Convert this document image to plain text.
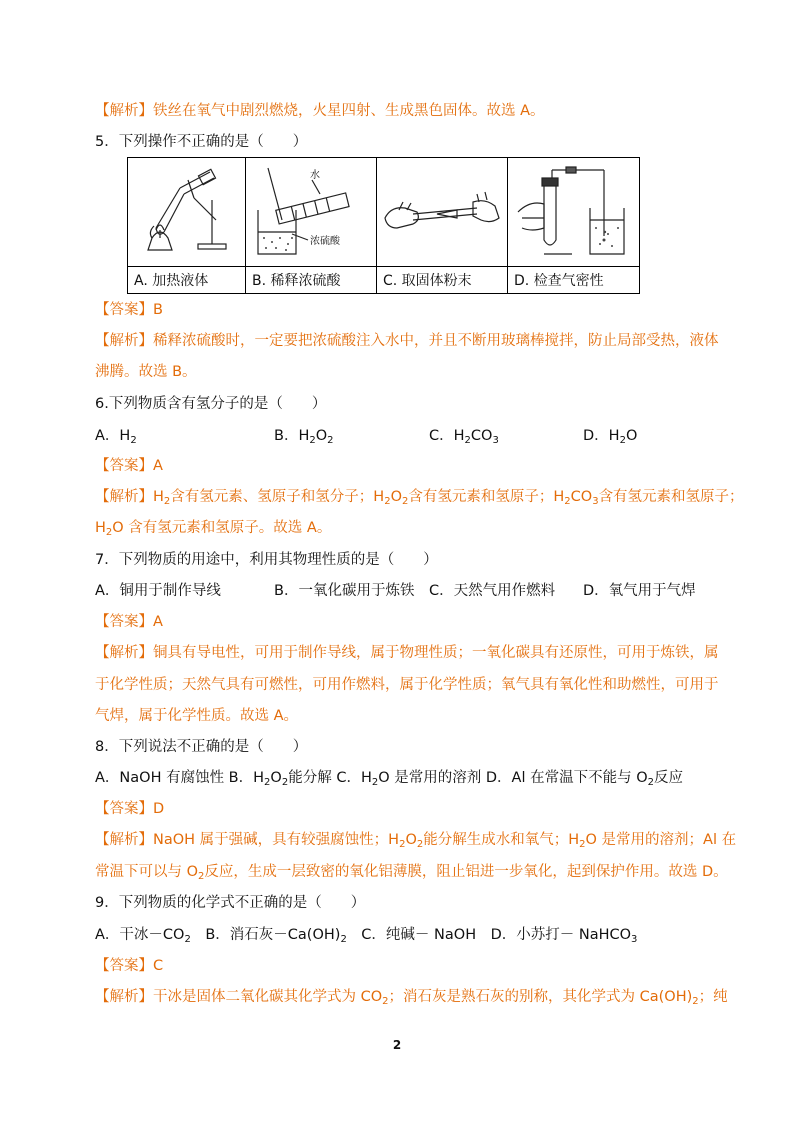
【解析】铁丝在氧气中剧烈燃烧，火星四射、生成黑色固体。故选 A。
5．下列操作不正确的是（　　）

水
浓硫酸

A. 加热液体	B. 稀释浓硫酸	C. 取固体粉末	D. 检查气密性
【答案】B
【解析】稀释浓硫酸时，一定要把浓硫酸注入水中，并且不断用玻璃棒搅拌，防止局部受热，液体
沸腾。故选 B。
6.下列物质含有氢分子的是（　　）
A．$H_2$	B．$H_2O_2$	C．$H_2CO_3$	D．$H_2O$
【答案】A
【解析】$H_2$含有氢元素、氢原子和氢分子；$H_2O_2$含有氢元素和氢原子；$H_2CO_3$含有氢元素和氢原子；
$H_2O$ 含有氢元素和氢原子。故选 A。
7．下列物质的用途中，利用其物理性质的是（　　）
A．铜用于制作导线	B．一氧化碳用于炼铁 C．天然气用作燃料 D．氧气用于气焊
【答案】A
【解析】铜具有导电性，可用于制作导线，属于物理性质；一氧化碳具有还原性，可用于炼铁，属
于化学性质；天然气具有可燃性，可用作燃料，属于化学性质；氧气具有氧化性和助燃性，可用于
气焊，属于化学性质。故选 A。
8．下列说法不正确的是（　　）
A．NaOH 有腐蚀性 B．$H_2O_2$能分解 C．$H_2O$ 是常用的溶剂 D．Al 在常温下不能与 $O_2$反应
【答案】D
【解析】NaOH 属于强碱，具有较强腐蚀性；$H_2O_2$能分解生成水和氧气；$H_2O$ 是常用的溶剂；Al 在
常温下可以与 $O_2$反应，生成一层致密的氧化铝薄膜，阻止铝进一步氧化，起到保护作用。故选 D。
9．下列物质的化学式不正确的是（　　）
A．干冰$-CO_2$　B．消石灰$-Ca(OH)_2$　C．纯碱－ NaOH　D．小苏打－ NaHCO$_3$
【答案】C
【解析】干冰是固体二氧化碳其化学式为 $CO_2$；消石灰是熟石灰的别称，其化学式为 $Ca(OH)_2$；纯
2
